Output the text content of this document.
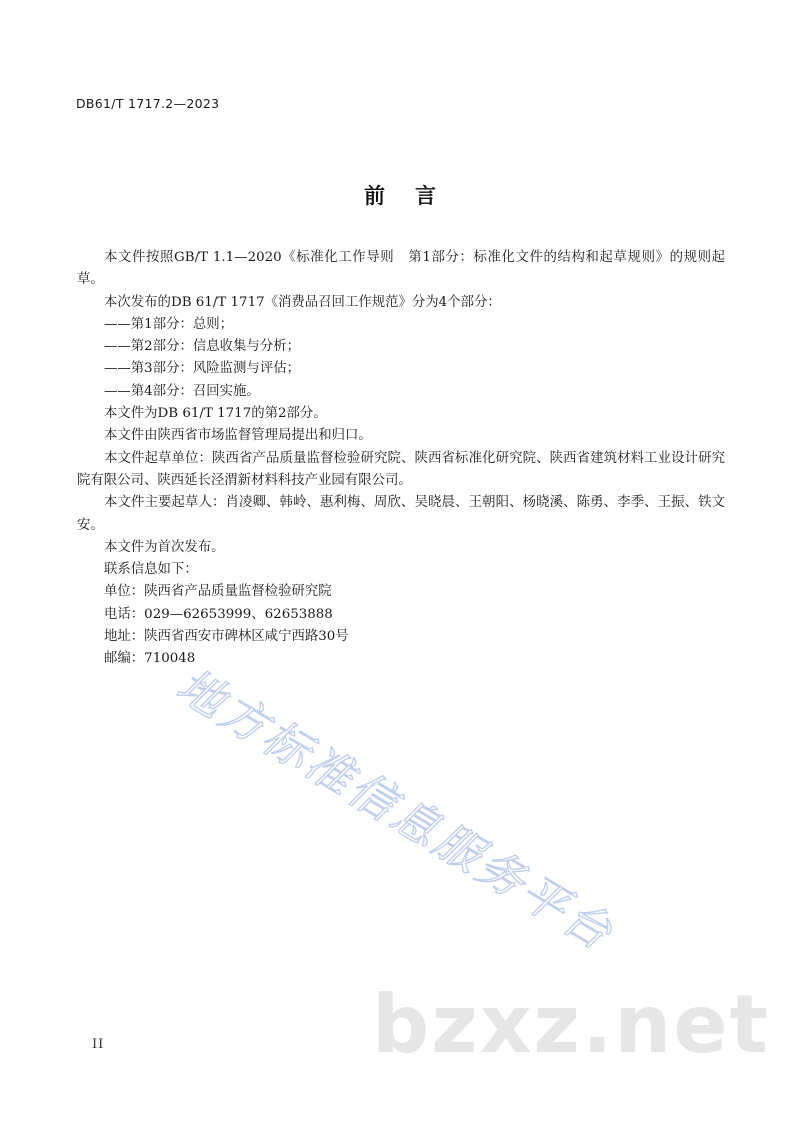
DB61/T 1717.2—2023
前言

本文件按照GB/T 1.1—2020《标准化工作导则　第1部分：标准化文件的结构和起草规则》的规则起草。

本次发布的DB 61/T 1717《消费品召回工作规范》分为4个部分：

——第1部分：总则；

——第2部分：信息收集与分析；

——第3部分：风险监测与评估；

——第4部分：召回实施。

本文件为DB 61/T 1717的第2部分。

本文件由陕西省市场监督管理局提出和归口。

本文件起草单位：陕西省产品质量监督检验研究院、陕西省标准化研究院、陕西省建筑材料工业设计研究院有限公司、陕西延长泾渭新材料科技产业园有限公司。

本文件主要起草人：肖凌卿、韩岭、惠利梅、周欣、吴晓晨、王朝阳、杨晓溪、陈勇、李季、王振、铁文安。

本文件为首次发布。

联系信息如下：

单位：陕西省产品质量监督检验研究院

电话：029—62653999、62653888

地址：陕西省西安市碑林区咸宁西路30号

邮编：710048

地方标准信息服务平台
bzxz.net
II
